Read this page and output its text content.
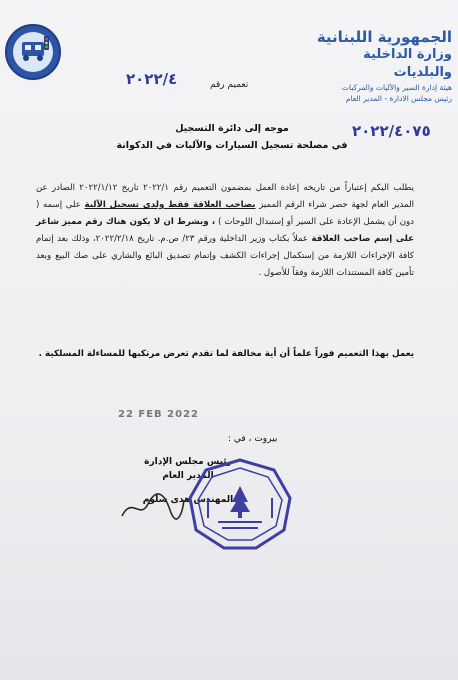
الجمهورية اللبنانية
وزارة الداخلية والبلديات
هيئة إدارة السير والآليات والمركبات
رئيس مجلس الادارة - المدير العام
تعميم رقم
٢٠٢٢/٤
موجه إلى دائرة التسجيل
في مصلحة تسجيل السيارات والآليات في الدكوانة
٢٠٢٢/٤٠٧٥
يطلب اليكم إعتباراً من تاريخه إعادة العمل بمضمون التعميم رقم ٢٠٢٢/١ تاريخ ٢٠٢٢/١/١٢ الصادر عن المدير العام لجهة حصر شراء الرقم المميز بصاحب العلاقة فقط ولدى تسجيل الآلية على إسمه ( دون أن يشمل الإعادة على السير أو إستبدال اللوحات ) ، وبشرط ان لا يكون هناك رقم مميز شاغر على إسم صاحب العلاقة عملاً بكتاب وزير الداخلية ورقم ٢٣/ ص.م. تاريخ ٢٠٢٢/٢/١٨، وذلك بعد إتمام كافة الإجراءات اللازمة من إستكمال إجراءات الكشف وإتمام تصديق البائع والشاري على صك البيع وبعد تأمين كافة المستندات اللازمة وفقاً للأصول .
يعمل بهذا التعميم فوراً علماً أن أية مخالفة لما تقدم تعرض مرتكبها للمساءلة المسلكية .
22 FEB 2022
بيروت ، في :
رئيس مجلس الإدارة
المدير العام
المهندس هدى سلوم
